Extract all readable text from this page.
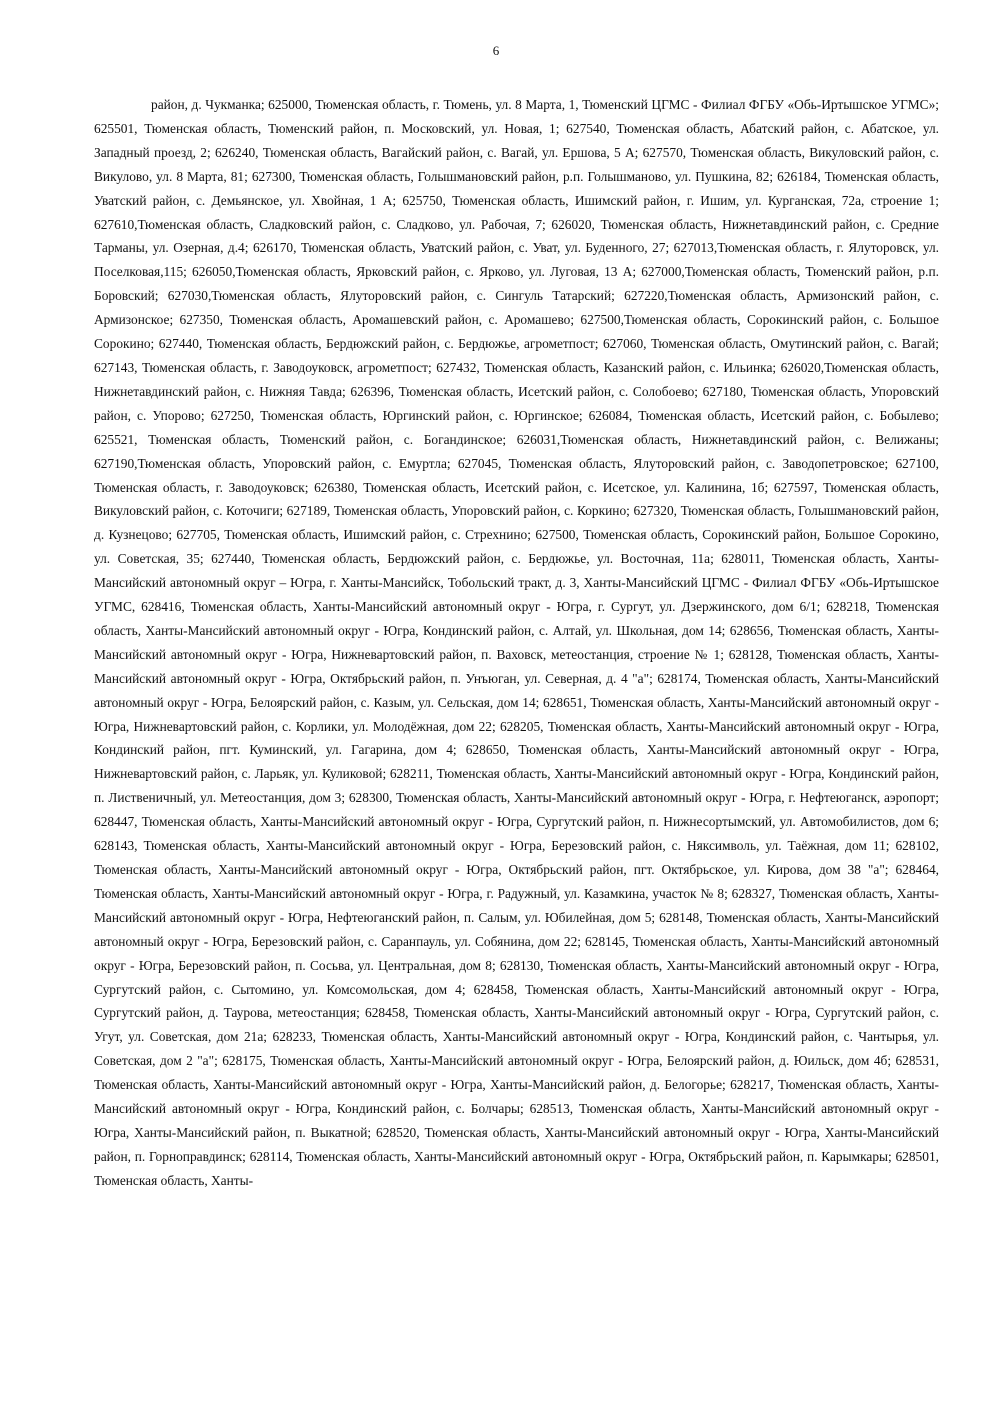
6

район, д. Чукманка; 625000, Тюменская область, г. Тюмень, ул. 8 Марта, 1, Тюменский ЦГМС - Филиал ФГБУ «Обь-Иртышское УГМС»; 625501, Тюменская область, Тюменский район, п. Московский, ул. Новая, 1; 627540, Тюменская область, Абатский район, с. Абатское, ул. Западный проезд, 2; 626240, Тюменская область, Вагайский район, с. Вагай, ул. Ершова, 5 А; 627570, Тюменская область, Викуловский район, с. Викулово, ул. 8 Марта, 81; 627300, Тюменская область, Голышмановский район, р.п. Голышманово, ул. Пушкина, 82; 626184, Тюменская область, Уватский район, с. Демьянское, ул. Хвойная, 1 А; 625750, Тюменская область, Ишимский район, г. Ишим, ул. Курганская, 72а, строение 1; 627610,Тюменская область, Сладковский район, с. Сладково, ул. Рабочая, 7; 626020, Тюменская область, Нижнетавдинский район, с. Средние Тарманы, ул. Озерная, д.4; 626170, Тюменская область, Уватский район, с. Уват, ул. Буденного, 27; 627013,Тюменская область, г. Ялуторовск, ул. Поселковая,115; 626050,Тюменская область, Ярковский район, с. Ярково, ул. Луговая, 13 А; 627000,Тюменская область, Тюменский район, р.п. Боровский; 627030,Тюменская область, Ялуторовский район, с. Сингуль Татарский; 627220,Тюменская область, Армизонский район, с. Армизонское; 627350, Тюменская область, Аромашевский район, с. Аромашево; 627500,Тюменская область, Сорокинский район, с. Большое Сорокино; 627440, Тюменская область, Бердюжский район, с. Бердюжье, агрометпост; 627060, Тюменская область, Омутинский район, с. Вагай; 627143, Тюменская область, г. Заводоуковск, агрометпост; 627432, Тюменская область, Казанский район, с. Ильинка; 626020,Тюменская область, Нижнетавдинский район, с. Нижняя Тавда; 626396, Тюменская область, Исетский район, с. Солобоево; 627180, Тюменская область, Упоровский район, с. Упорово; 627250, Тюменская область, Юргинский район, с. Юргинское; 626084, Тюменская область, Исетский район, с. Бобылево; 625521, Тюменская область, Тюменский район, с. Богандинское; 626031,Тюменская область, Нижнетавдинский район, с. Велижаны; 627190,Тюменская область, Упоровский район, с. Емуртла; 627045, Тюменская область, Ялуторовский район, с. Заводопетровское; 627100, Тюменская область, г. Заводоуковск; 626380, Тюменская область, Исетский район, с. Исетское, ул. Калинина, 1б; 627597, Тюменская область, Викуловский район, с. Коточиги; 627189, Тюменская область, Упоровский район, с. Коркино; 627320, Тюменская область, Голышмановский район, д. Кузнецово; 627705, Тюменская область, Ишимский район, с. Стрехнино; 627500, Тюменская область, Сорокинский район, Большое Сорокино, ул. Советская, 35; 627440, Тюменская область, Бердюжский район, с. Бердюжье, ул. Восточная, 11а; 628011, Тюменская область, Ханты-Мансийский автономный округ – Югра, г. Ханты-Мансийск, Тобольский тракт, д. 3, Ханты-Мансийский ЦГМС - Филиал ФГБУ «Обь-Иртышское УГМС, 628416, Тюменская область, Ханты-Мансийский автономный округ - Югра, г. Сургут, ул. Дзержинского, дом 6/1; 628218, Тюменская область, Ханты-Мансийский автономный округ - Югра, Кондинский район, с. Алтай, ул. Школьная, дом 14; 628656, Тюменская область, Ханты-Мансийский автономный округ - Югра, Нижневартовский район, п. Ваховск, метеостанция, строение № 1; 628128, Тюменская область, Ханты-Мансийский автономный округ - Югра, Октябрьский район, п. Унъюган, ул. Северная, д. 4 "а"; 628174, Тюменская область, Ханты-Мансийский автономный округ - Югра, Белоярский район, с. Казым, ул. Сельская, дом 14; 628651, Тюменская область, Ханты-Мансийский автономный округ - Югра, Нижневартовский район, с. Корлики, ул. Молодёжная, дом 22; 628205, Тюменская область, Ханты-Мансийский автономный округ - Югра, Кондинский район, пгт. Куминский, ул. Гагарина, дом 4; 628650, Тюменская область, Ханты-Мансийский автономный округ - Югра, Нижневартовский район, с. Ларьяк, ул. Куликовой; 628211, Тюменская область, Ханты-Мансийский автономный округ - Югра, Кондинский район, п. Лиственичный, ул. Метеостанция, дом 3; 628300, Тюменская область, Ханты-Мансийский автономный округ - Югра, г. Нефтеюганск, аэропорт; 628447, Тюменская область, Ханты-Мансийский автономный округ - Югра, Сургутский район, п. Нижнесортымский, ул. Автомобилистов, дом 6; 628143, Тюменская область, Ханты-Мансийский автономный округ - Югра, Березовский район, с. Няксимволь, ул. Таёжная, дом 11; 628102, Тюменская область, Ханты-Мансийский автономный округ - Югра, Октябрьский район, пгт. Октябрьское, ул. Кирова, дом 38 "а"; 628464, Тюменская область, Ханты-Мансийский автономный округ - Югра, г. Радужный, ул. Казамкина, участок № 8; 628327, Тюменская область, Ханты-Мансийский автономный округ - Югра, Нефтеюганский район, п. Салым, ул. Юбилейная, дом 5; 628148, Тюменская область, Ханты-Мансийский автономный округ - Югра, Березовский район, с. Саранпауль, ул. Собянина, дом 22; 628145, Тюменская область, Ханты-Мансийский автономный округ - Югра, Березовский район, п. Сосьва, ул. Центральная, дом 8; 628130, Тюменская область, Ханты-Мансийский автономный округ - Югра, Сургутский район, с. Сытомино, ул. Комсомольская, дом 4; 628458, Тюменская область, Ханты-Мансийский автономный округ - Югра, Сургутский район, д. Таурова, метеостанция; 628458, Тюменская область, Ханты-Мансийский автономный округ - Югра, Сургутский район, с. Угут, ул. Советская, дом 21а; 628233, Тюменская область, Ханты-Мансийский автономный округ - Югра, Кондинский район, с. Чантырья, ул. Советская, дом 2 "а"; 628175, Тюменская область, Ханты-Мансийский автономный округ - Югра, Белоярский район, д. Юильск, дом 4б; 628531, Тюменская область, Ханты-Мансийский автономный округ - Югра, Ханты-Мансийский район, д. Белогорье; 628217, Тюменская область, Ханты-Мансийский автономный округ - Югра, Кондинский район, с. Болчары; 628513, Тюменская область, Ханты-Мансийский автономный округ - Югра, Ханты-Мансийский район, п. Выкатной; 628520, Тюменская область, Ханты-Мансийский автономный округ - Югра, Ханты-Мансийский район, п. Горноправдинск; 628114, Тюменская область, Ханты-Мансийский автономный округ - Югра, Октябрьский район, п. Карымкары; 628501, Тюменская область, Ханты-
